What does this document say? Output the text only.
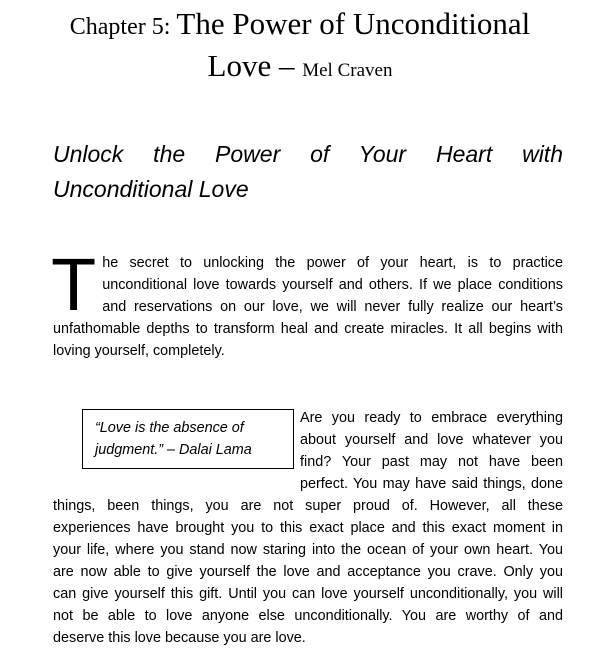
Chapter 5: The Power of Unconditional
Love – Mel Craven
Unlock the Power of Your Heart with
Unconditional Love
The secret to unlocking the power of your heart, is to practice unconditional love towards yourself and others. If we place conditions and reservations on our love, we will never fully realize our heart’s unfathomable depths to transform heal and create miracles. It all begins with loving yourself, completely.
“Love is the absence of judgment.” – Dalai Lama
Are you ready to embrace everything
about yourself and love whatever you
find? Your past may not have been
perfect. You may have said things, done
things, been things, you are not super proud of. However, all these
experiences have brought you to this exact place and this exact moment in
your life, where you stand now staring into the ocean of your own heart. You
are now able to give yourself the love and acceptance you crave. Only you
can give yourself this gift. Until you can love yourself unconditionally, you will
not be able to love anyone else unconditionally. You are worthy of and
deserve this love because you are love.
